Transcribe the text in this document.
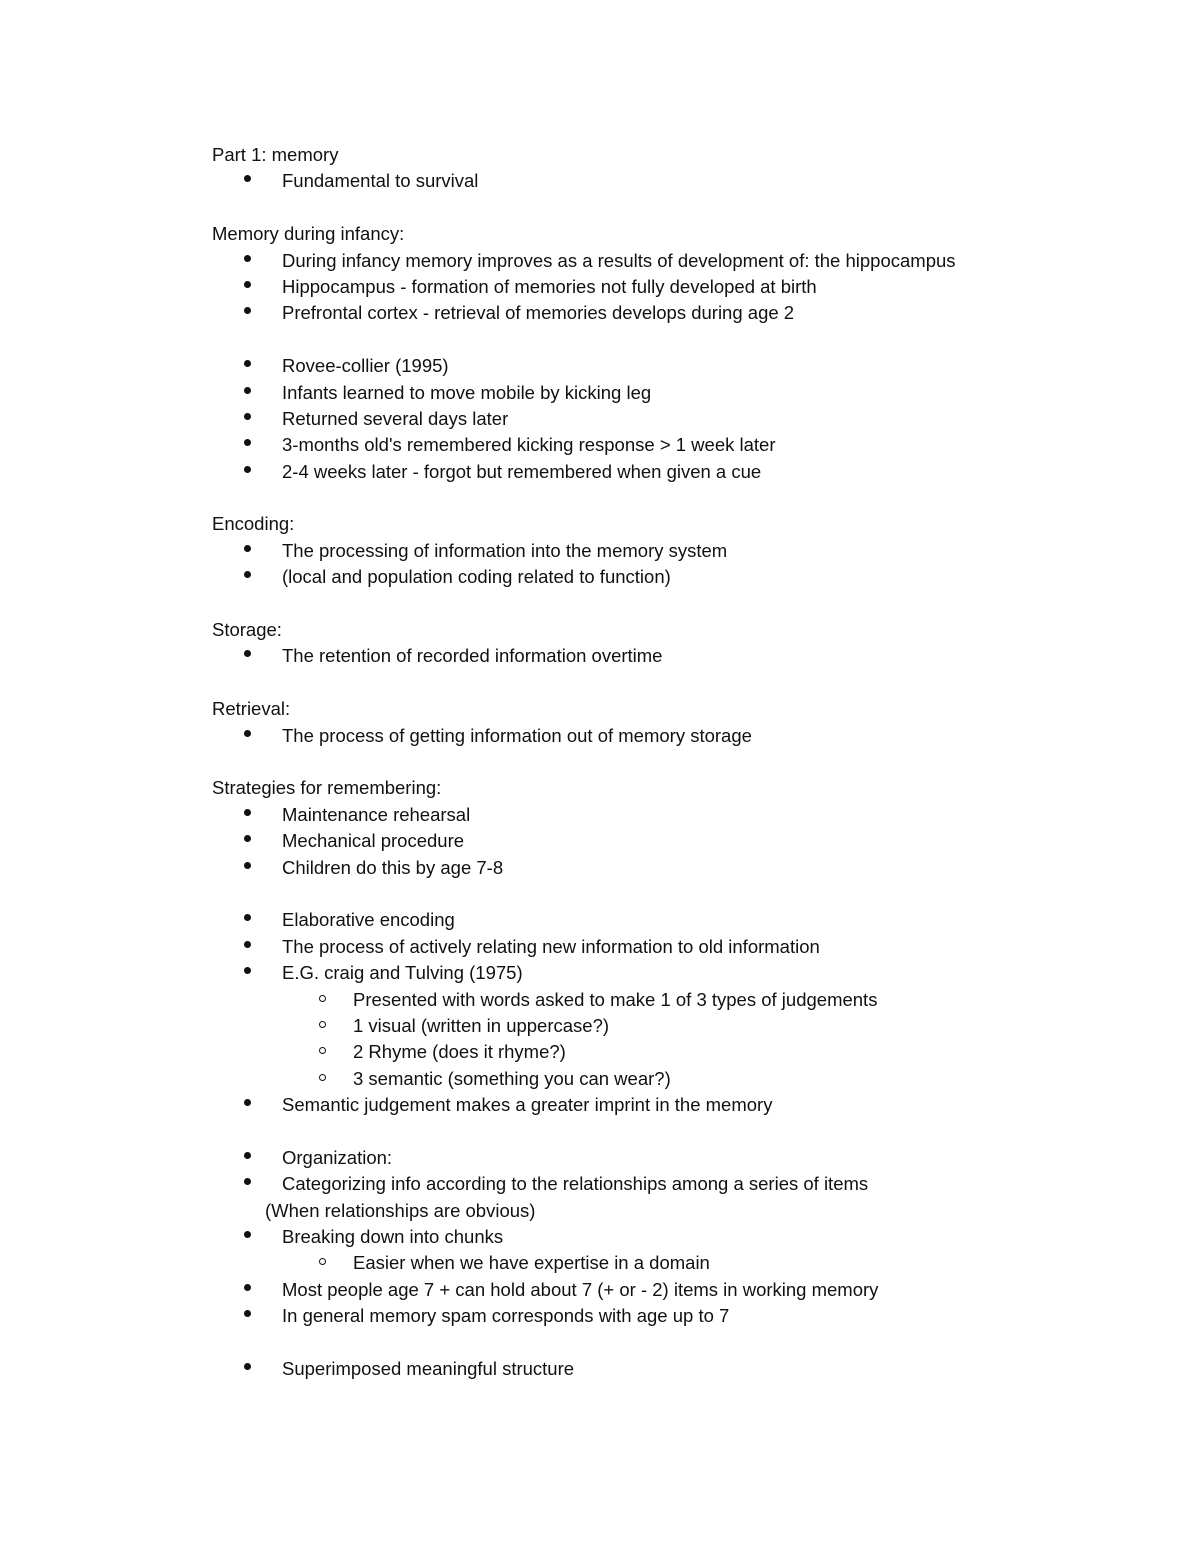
Part 1: memory
Fundamental to survival
Memory during infancy:
During infancy memory improves as a results of development of: the hippocampus
Hippocampus - formation of memories not fully developed at birth
Prefrontal cortex - retrieval of memories develops during age 2
Rovee-collier (1995)
Infants learned to move mobile by kicking leg
Returned several days later
3-months old's remembered kicking response > 1 week later
2-4 weeks later - forgot but remembered when given a cue
Encoding:
The processing of information into the memory system
(local and population coding related to function)
Storage:
The retention of recorded information overtime
Retrieval:
The process of getting information out of memory storage
Strategies for remembering:
Maintenance rehearsal
Mechanical procedure
Children do this by age 7-8
Elaborative encoding
The process of actively relating new information to old information
E.G. craig and Tulving (1975)
Presented with words asked to make 1 of 3 types of judgements
1 visual (written in uppercase?)
2 Rhyme (does it rhyme?)
3 semantic (something you can wear?)
Semantic judgement makes a greater imprint in the memory
Organization:
Categorizing info according to the relationships among a series of items
(When relationships are obvious)
Breaking down into chunks
Easier when we have expertise in a domain
Most people age 7 + can hold about 7 (+ or - 2) items in working memory
In general memory spam corresponds with age up to 7
Superimposed meaningful structure
